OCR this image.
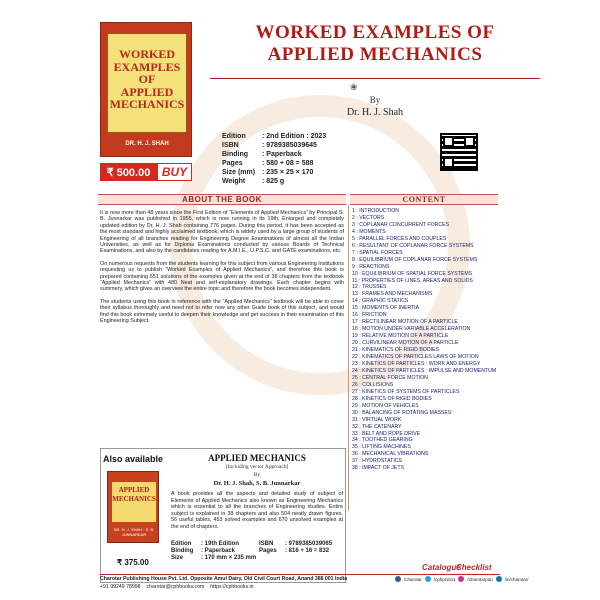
WORKED
EXAMPLES OF
APPLIED
MECHANICS
DR. H. J. SHAH
₹ 500.00 BUY
WORKED EXAMPLES OF
APPLIED MECHANICS
❀
By
Dr. H. J. Shah
Edition	: 2nd Edition : 2023
ISBN	: 9789385039645
Binding	: Paperback
Pages	: 580 + 08 = 588
Size (mm) : 235 × 25 × 170
Weight	: 825 g
ABOUT THE BOOK	CONTENT

It is now more than 48 years since the First Edition of “Elements of Applied Mechanics” by Principal S. B. Junnarkar was published in 1955, which is now running in its 19th, Enlarged and completely updated edition by Dr. H. J. Shah containing 776 pages. During this period, it has been accepted as the most standard and highly acclaimed textbook, which is widely used by a large group of students of Engineering of all branches reading for Engineering Degree Examinations of almost all the Indian Universities, as well as for Diploma Examinations conducted by various Boards of Technical Examinations, and also by the candidates reading for A.M.I.E., U.P.S.C. and GATE examinations, etc.

On numerous requests from the students learning for this subject from various Engineering Institutions requesting us to publish “Worked Examples of Applied Mechanics”, and therefore this book is prepared containing 651 solutions of the examples given at the end of 38 chapters from the textbook “Applied Mechanics” with 480 Neat and self-explanatory drawings. Each chapter begins with summery, which gives an overview the entire topic and therefore the book becomes independent.

The students using this book in reference with the “Applied Mechanics” textbook will be able to cover their syllabus thoroughly and need not to refer now any other Guide book of this subject, and would find this book extremely useful to deepen their knowledge and get success in their examination of this Engineering Subject.

1 : INTRODUCTION
2 : VECTORS
3 : COPLANAR CONCURRENT FORCES
4 : MOMENTS
5 : PARALLEL FORCES AND COUPLES
6 : RESULTANT OF COPLANAR FORCE SYSTEMS
7 : SPATIAL FORCES
8 : EQUILIBRIUM OF COPLANAR FORCE SYSTEMS
9 : REACTIONS
10 : EQUILIBRIUM OF SPATIAL FORCE SYSTEMS
11 : PROPERTIES OF LINES, AREAS AND SOLIDS
12 : TRUSSES
13 : FRAMES AND MECHANISMS
14 : GRAPHIC STATICS
15 : MOMENTS OF INERTIA
16 : FRICTION
17 : RECTILINEAR MOTION OF A PARTICLE
18 : MOTION UNDER VARIABLE ACCELERATION
19 : RELATIVE MOTION OF A PARTICLE
20 : CURVILINEAR MOTION OF A PARTICLE
21 : KINEMATICS OF RIGID BODIES
22 : KINEMATICS OF PARTICLES LAWS OF MOTION
23 : KINETICS OF PARTICLES : WORK AND ENERGY
24 : KINETICS OF PARTICLES : IMPULSE AND MOMENTUM
25 : CENTRAL FORCE MOTION
26 : COLLISIONS
27 : KINETICS OF SYSTEMS OF PARTICLES
28 : KINETICS OF RIGID BODIES
29 : MOTION OF VEHICLES
30 : BALANCING OF ROTATING MASSES
31 : VIRTUAL WORK
32 : THE CATENARY
33 : BELT AND ROPE DRIVE
34 : TOOTHED GEARING
35 : LIFTING MACHINES
36 : MECHANICAL VIBRATIONS
37 : HYDROSTATICS
38 : IMPACT OF JETS
Also available
APPLIED MECHANICS
DR. H. J. SHAH · S. B. JUNNARKAR
₹ 375.00
APPLIED MECHANICS
[Including vector Approach]
By
Dr. H. J. Shah, S. B. Junnarkar
A book provides all the aspects and detailed study of subject of Elements of Applied Mechanics also known as Engineering Mechanics which is essential to all the branches of Engineering studies. Entire subject is explained in 38 chapters and also 504 neatly drawn figures, 56 useful tables, 453 solved examples and 670 unsolved examples at the end of chapters.
Edition	: 19th Edition	ISBN	: 9789385039065
Binding	: Paperback	Pages	: 816 + 16 = 832
Size	: 170 mm × 235 mm
Catalogue
Checklist
Charotar Publishing House Pvt. Ltd. Opposite Amul Dairy, Old Civil Court Road, Anand 388 001 India
+91 99249 78998 charotar@cphbooks.com https://cphbooks.in
/charotar	/cphpl1511	/charotarpub	/in/charotar/
